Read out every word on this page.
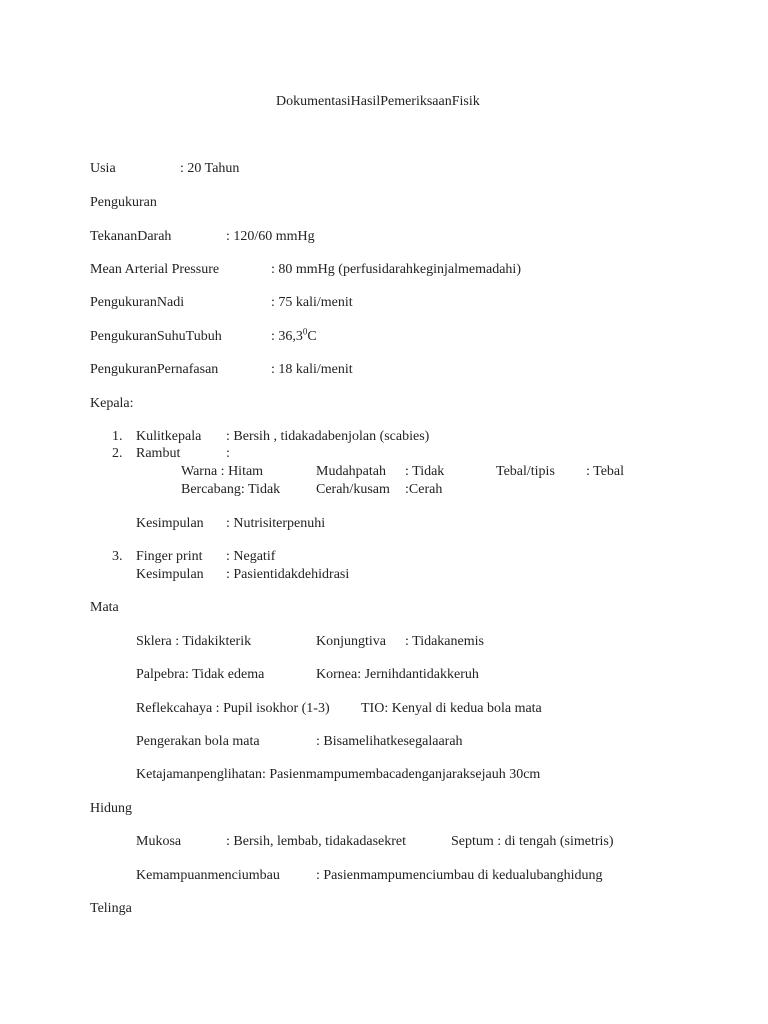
DokumentasiHasilPemeriksaanFisik
Usia	: 20 Tahun
Pengukuran
TekananDarah	: 120/60 mmHg
Mean Arterial Pressure	: 80 mmHg (perfusidarahkeginjalmemadahi)
PengukuranNadi	: 75 kali/menit
PengukuranSuhuTubuh	: 36,3$^0$C
PengukuranPernafasan	: 18 kali/menit
Kepala:
1. Kulitkepala : Bersih , tidakadabenjolan (scabies)
2. Rambut	:
Warna : Hitam	Mudahpatah : Tidak	Tebal/tipis : Tebal
Bercabang: Tidak	Cerah/kusam :Cerah
Kesimpulan : Nutrisiterpenuhi
3. Finger print : Negatif
Kesimpulan : Pasientidakdehidrasi
Mata
Sklera : Tidakikterik	Konjungtiva : Tidakanemis
Palpebra: Tidak edema	Kornea: Jernihdantidakkeruh
Reflekcahaya : Pupil isokhor (1-3) TIO: Kenyal di kedua bola mata
Pengerakan bola mata	: Bisamelihatkesegalaarah
Ketajamanpenglihatan: Pasienmampumembacadenganjaraksejauh 30cm
Hidung
Mukosa	: Bersih, lembab, tidakadasekret	Septum : di tengah (simetris)
Kemampuanmenciumbau	: Pasienmampumenciumbau di kedualubanghidung
Telinga
